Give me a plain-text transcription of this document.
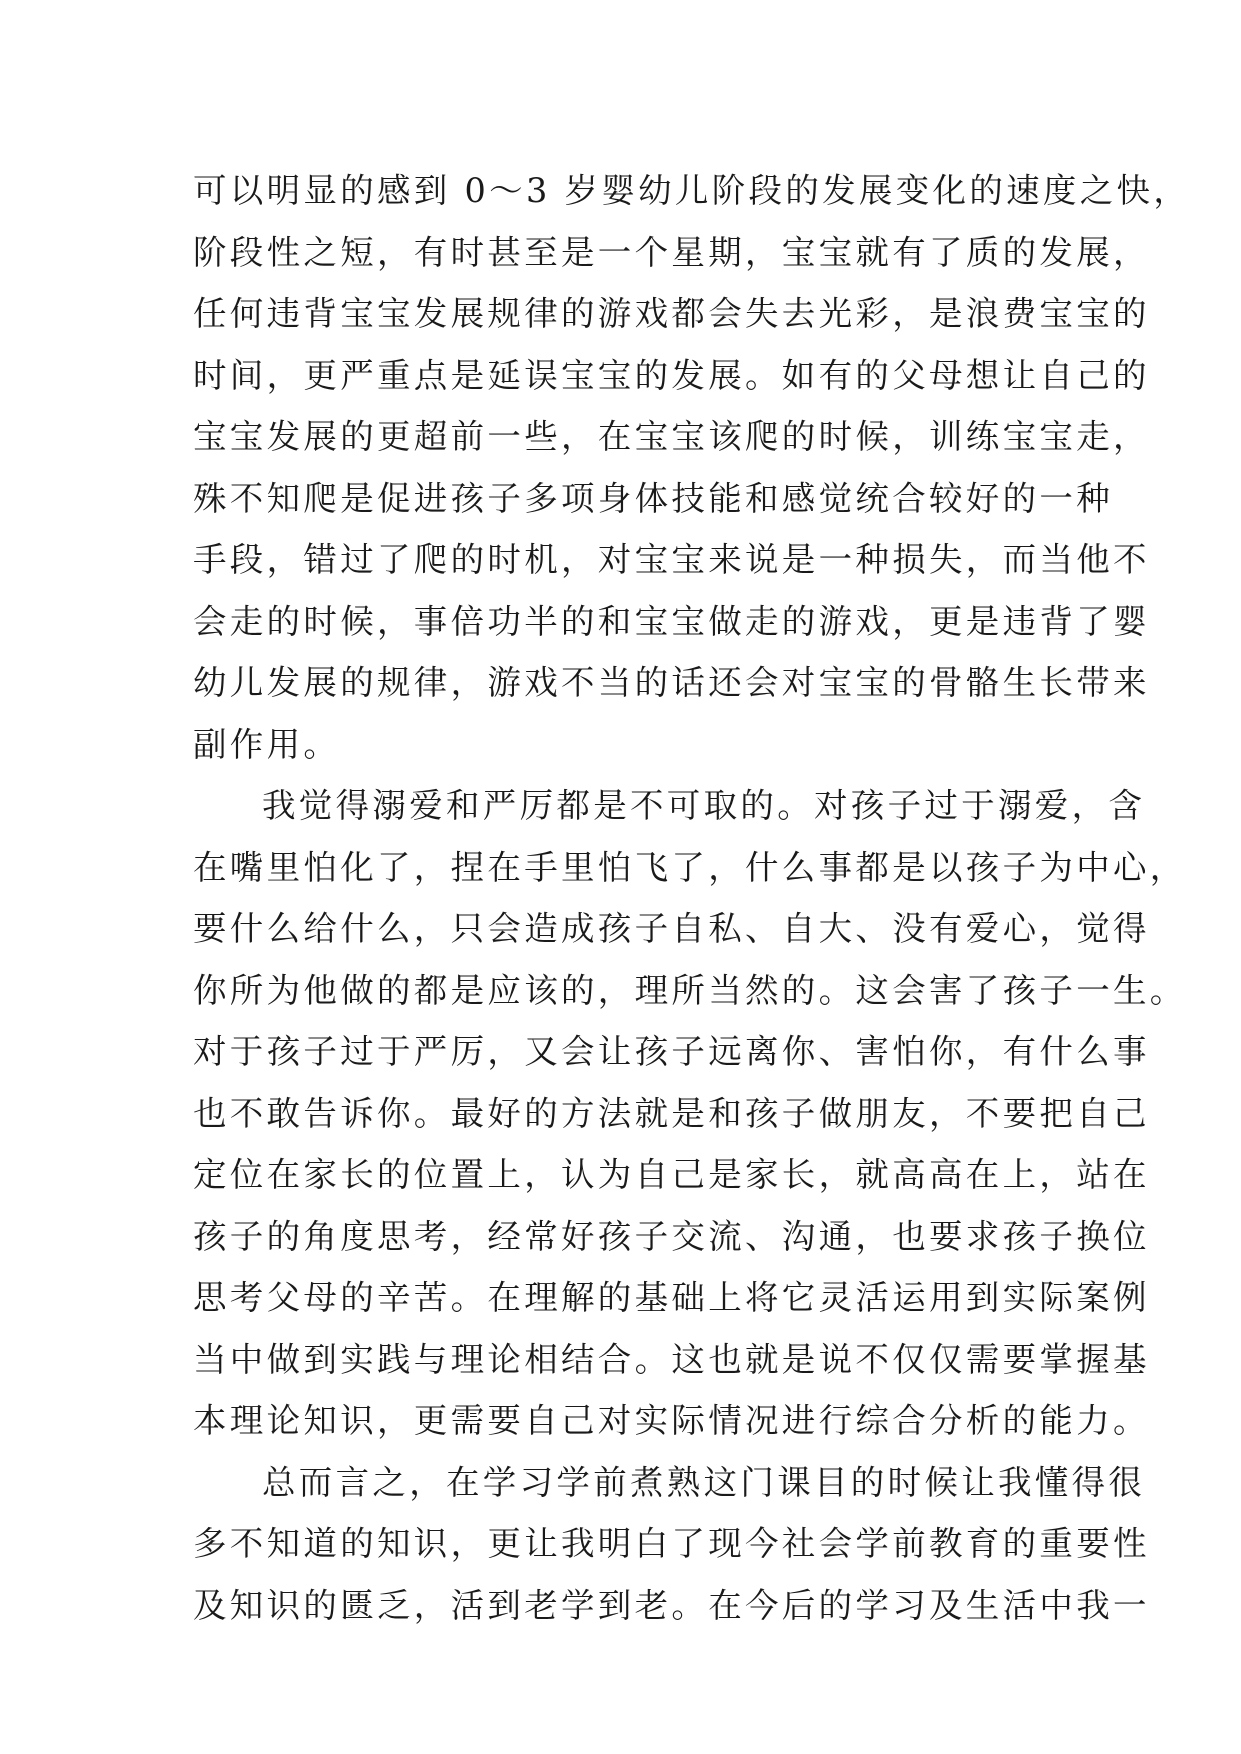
可以明显的感到 0～3 岁婴幼儿阶段的发展变化的速度之快，
阶段性之短，有时甚至是一个星期，宝宝就有了质的发展，
任何违背宝宝发展规律的游戏都会失去光彩，是浪费宝宝的
时间，更严重点是延误宝宝的发展。如有的父母想让自己的
宝宝发展的更超前一些，在宝宝该爬的时候，训练宝宝走，
殊不知爬是促进孩子多项身体技能和感觉统合较好的一种
手段，错过了爬的时机，对宝宝来说是一种损失，而当他不
会走的时候，事倍功半的和宝宝做走的游戏，更是违背了婴
幼儿发展的规律，游戏不当的话还会对宝宝的骨骼生长带来
副作用。
我觉得溺爱和严厉都是不可取的。对孩子过于溺爱，含
在嘴里怕化了，捏在手里怕飞了，什么事都是以孩子为中心，
要什么给什么，只会造成孩子自私、自大、没有爱心，觉得
你所为他做的都是应该的，理所当然的。这会害了孩子一生。
对于孩子过于严厉，又会让孩子远离你、害怕你，有什么事
也不敢告诉你。最好的方法就是和孩子做朋友，不要把自己
定位在家长的位置上，认为自己是家长，就高高在上，站在
孩子的角度思考，经常好孩子交流、沟通，也要求孩子换位
思考父母的辛苦。在理解的基础上将它灵活运用到实际案例
当中做到实践与理论相结合。这也就是说不仅仅需要掌握基
本理论知识，更需要自己对实际情况进行综合分析的能力。
总而言之，在学习学前煮熟这门课目的时候让我懂得很
多不知道的知识，更让我明白了现今社会学前教育的重要性
及知识的匮乏，活到老学到老。在今后的学习及生活中我一
